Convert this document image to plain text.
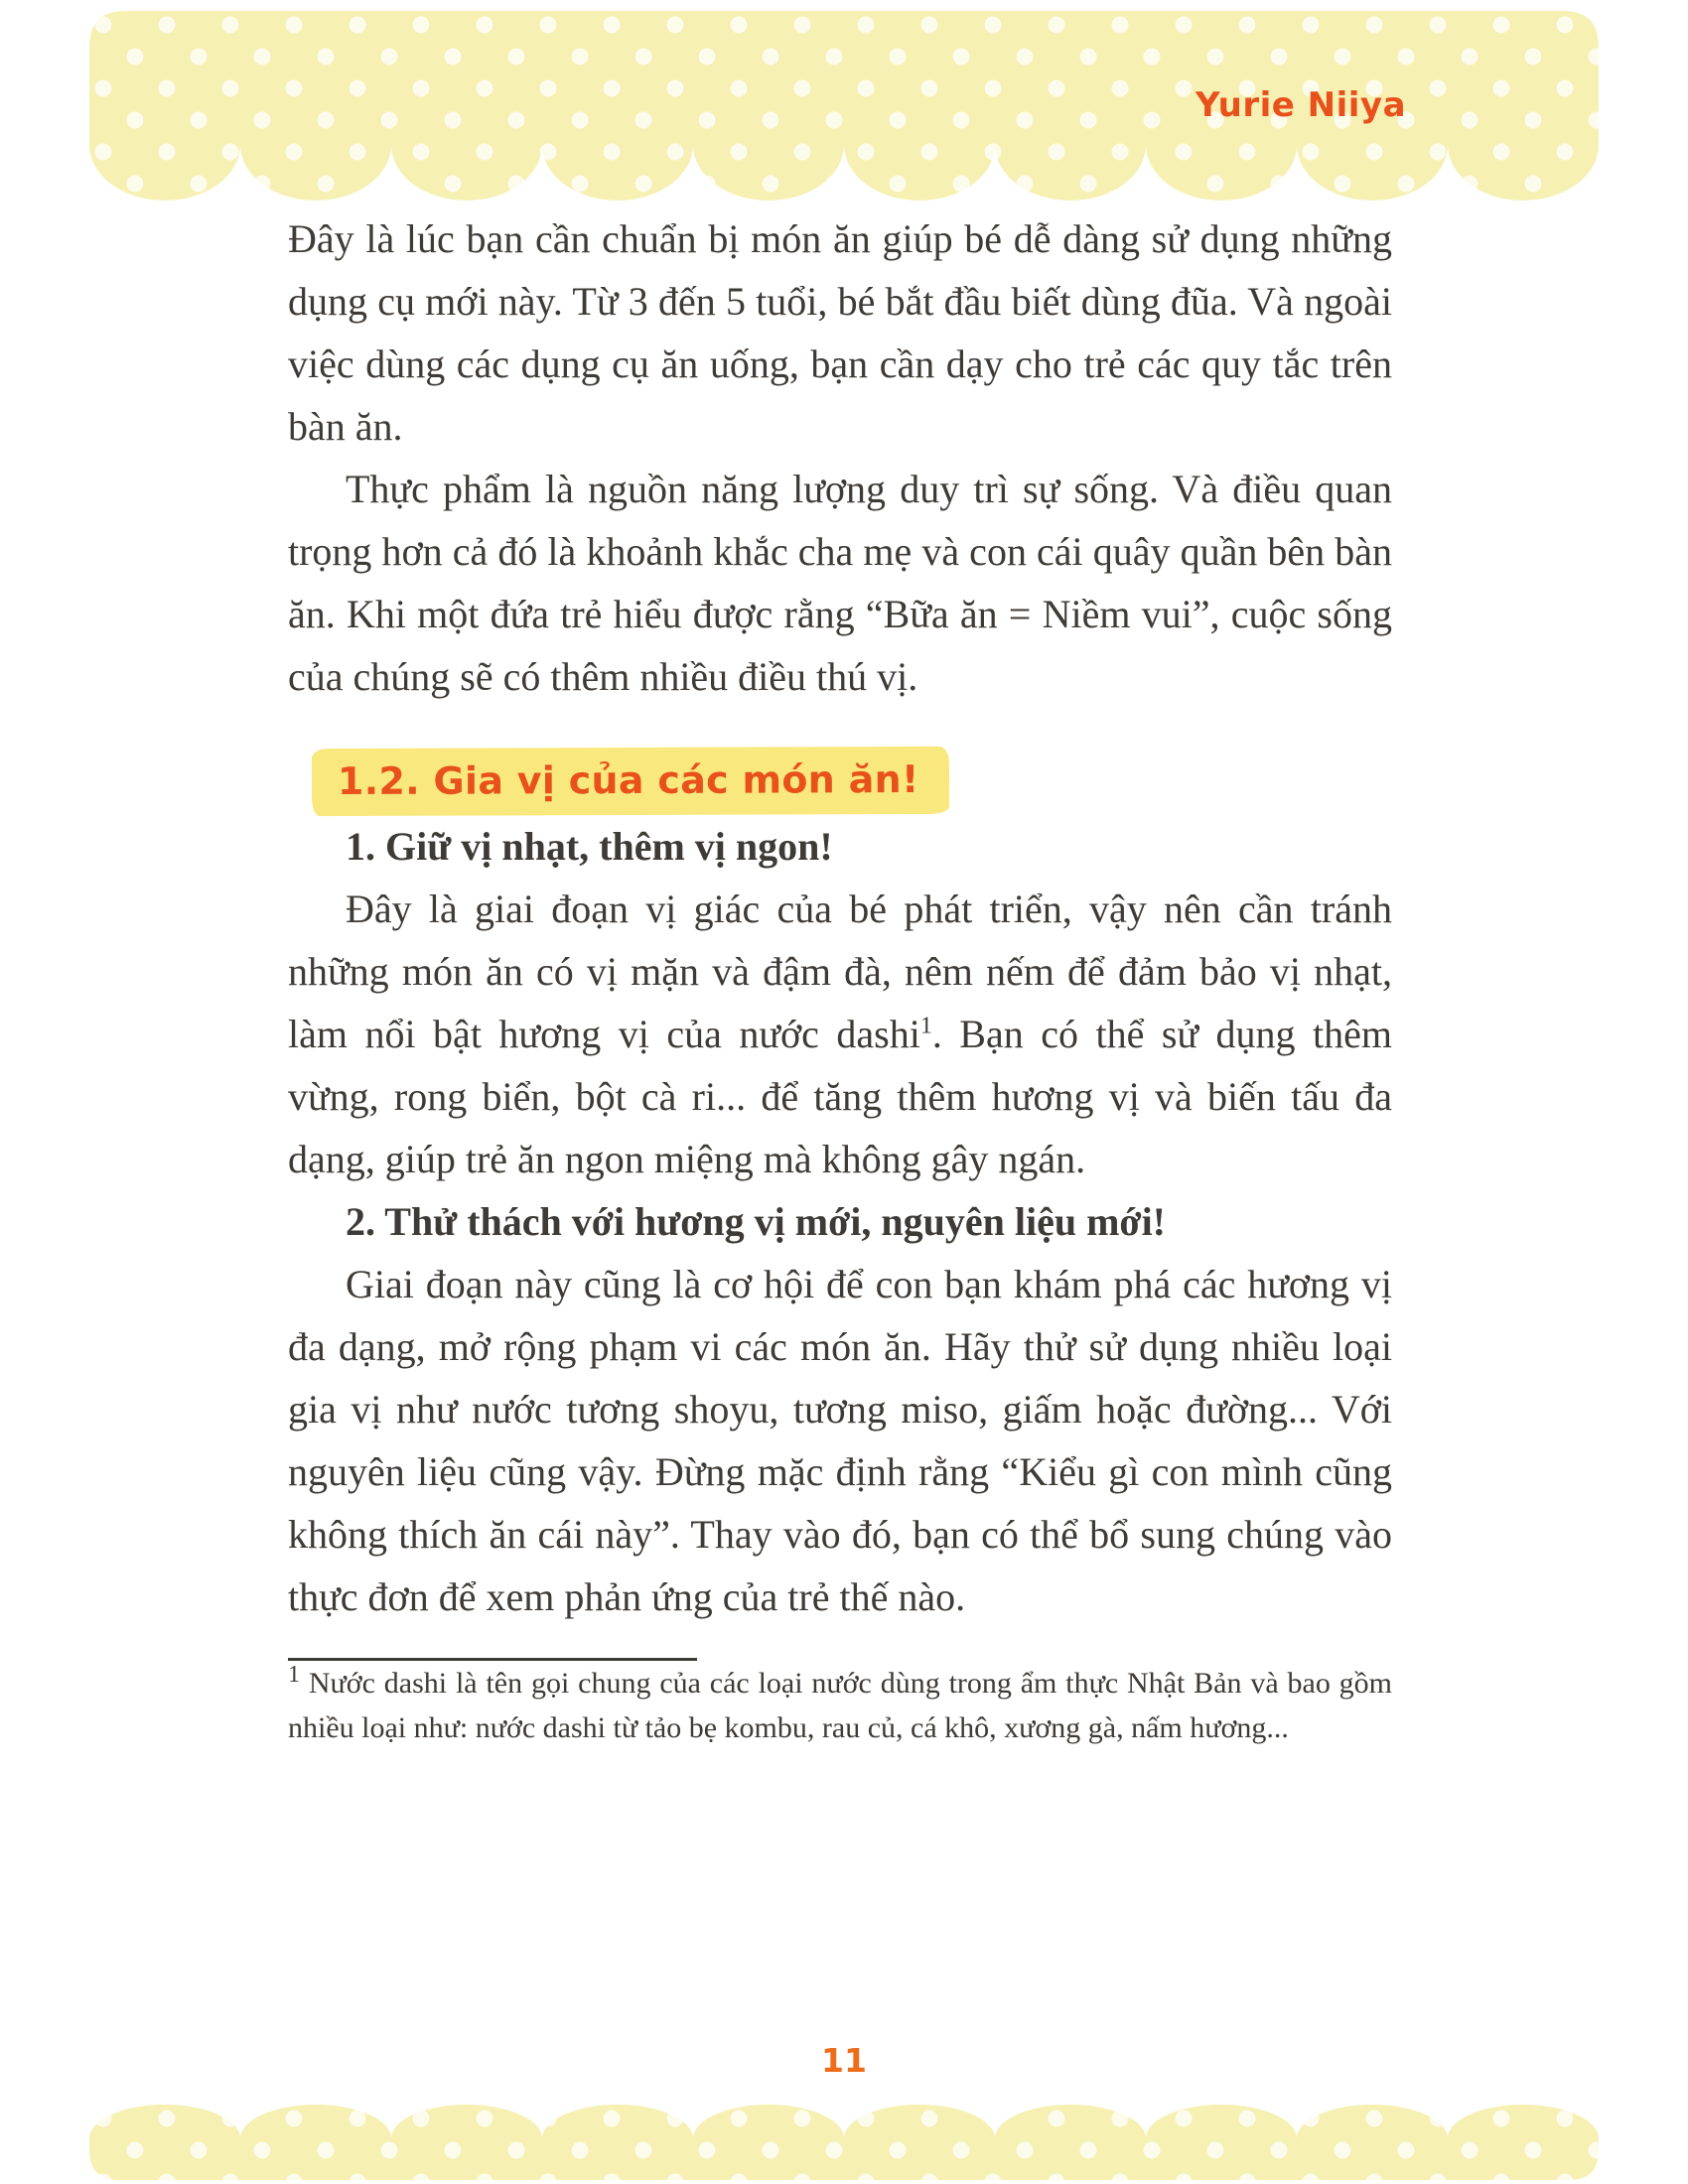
Yurie Niiya

Đây là lúc bạn cần chuẩn bị món ăn giúp bé dễ dàng sử dụng những dụng cụ mới này. Từ 3 đến 5 tuổi, bé bắt đầu biết dùng đũa. Và ngoài việc dùng các dụng cụ ăn uống, bạn cần dạy cho trẻ các quy tắc trên bàn ăn.

Thực phẩm là nguồn năng lượng duy trì sự sống. Và điều quan trọng hơn cả đó là khoảnh khắc cha mẹ và con cái quây quần bên bàn ăn. Khi một đứa trẻ hiểu được rằng “Bữa ăn = Niềm vui”, cuộc sống của chúng sẽ có thêm nhiều điều thú vị.

1.2. Gia vị của các món ăn!

1. Giữ vị nhạt, thêm vị ngon!

Đây là giai đoạn vị giác của bé phát triển, vậy nên cần tránh những món ăn có vị mặn và đậm đà, nêm nếm để đảm bảo vị nhạt, làm nổi bật hương vị của nước dashi$^1$. Bạn có thể sử dụng thêm vừng, rong biển, bột cà ri... để tăng thêm hương vị và biến tấu đa dạng, giúp trẻ ăn ngon miệng mà không gây ngán.

2. Thử thách với hương vị mới, nguyên liệu mới!

Giai đoạn này cũng là cơ hội để con bạn khám phá các hương vị đa dạng, mở rộng phạm vi các món ăn. Hãy thử sử dụng nhiều loại gia vị như nước tương shoyu, tương miso, giấm hoặc đường... Với nguyên liệu cũng vậy. Đừng mặc định rằng “Kiểu gì con mình cũng không thích ăn cái này”. Thay vào đó, bạn có thể bổ sung chúng vào thực đơn để xem phản ứng của trẻ thế nào.

$^1$ Nước dashi là tên gọi chung của các loại nước dùng trong ẩm thực Nhật Bản và bao gồm nhiều loại như: nước dashi từ tảo bẹ kombu, rau củ, cá khô, xương gà, nấm hương...

11
